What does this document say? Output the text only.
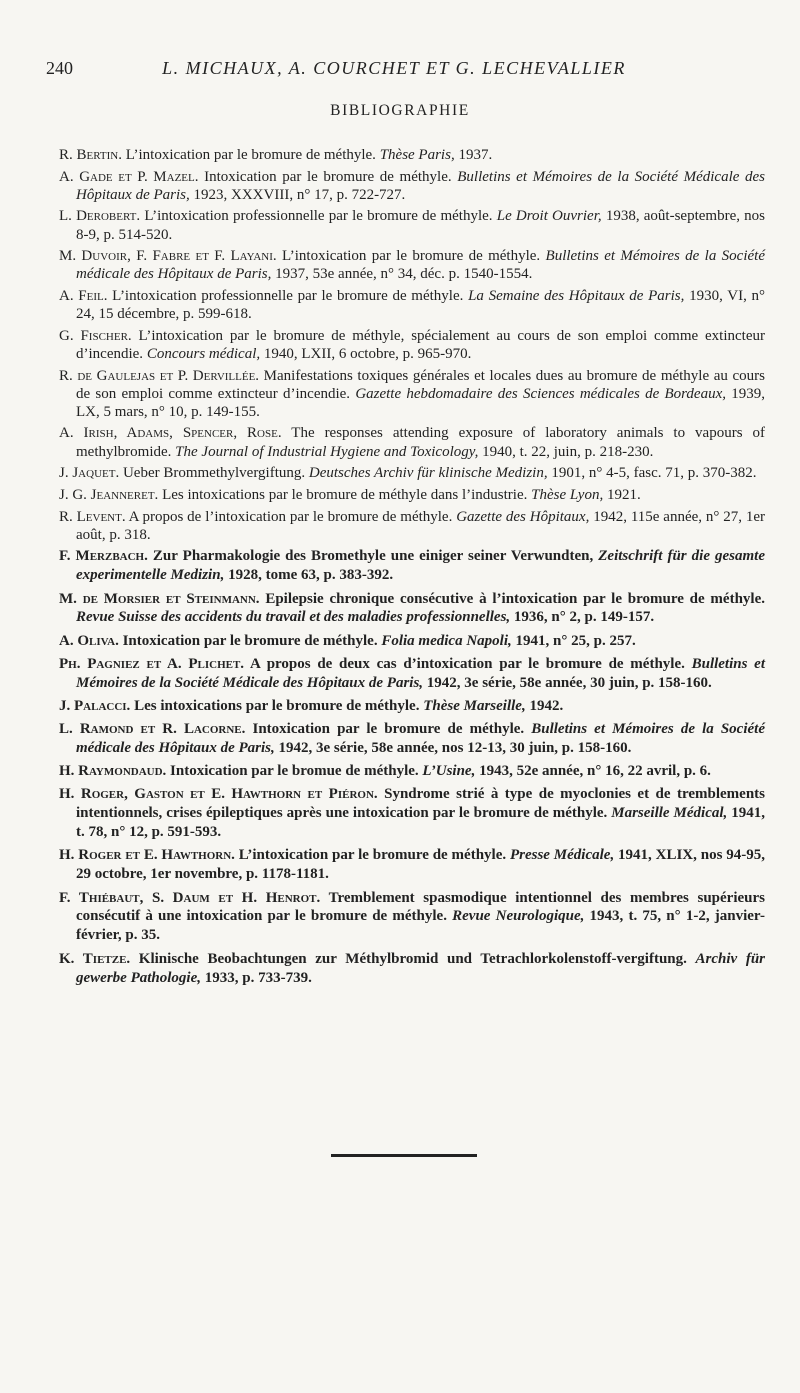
240	L. MICHAUX, A. COURCHET ET G. LECHEVALLIER
BIBLIOGRAPHIE

R. Bertin. L’intoxication par le bromure de méthyle. Thèse Paris, 1937.

A. Gade et P. Mazel. Intoxication par le bromure de méthyle. Bulletins et Mémoires de la Société Médicale des Hôpitaux de Paris, 1923, XXXVIII, n° 17, p. 722-727.

L. Derobert. L’intoxication professionnelle par le bromure de méthyle. Le Droit Ouvrier, 1938, août-septembre, nos 8-9, p. 514-520.

M. Duvoir, F. Fabre et F. Layani. L’intoxication par le bromure de méthyle. Bulletins et Mémoires de la Société médicale des Hôpitaux de Paris, 1937, 53e année, n° 34, déc. p. 1540-1554.

A. Feil. L’intoxication professionnelle par le bromure de méthyle. La Semaine des Hôpitaux de Paris, 1930, VI, n° 24, 15 décembre, p. 599-618.

G. Fischer. L’intoxication par le bromure de méthyle, spécialement au cours de son emploi comme extincteur d’incendie. Concours médical, 1940, LXII, 6 octobre, p. 965-970.

R. de Gaulejas et P. Dervillée. Manifestations toxiques générales et locales dues au bromure de méthyle au cours de son emploi comme extincteur d’incendie. Gazette hebdomadaire des Sciences médicales de Bordeaux, 1939, LX, 5 mars, n° 10, p. 149-155.

A. Irish, Adams, Spencer, Rose. The responses attending exposure of laboratory animals to vapours of methylbromide. The Journal of Industrial Hygiene and Toxicology, 1940, t. 22, juin, p. 218-230.

J. Jaquet. Ueber Brommethylvergiftung. Deutsches Archiv für klinische Medizin, 1901, n° 4-5, fasc. 71, p. 370-382.

J. G. Jeanneret. Les intoxications par le bromure de méthyle dans l’industrie. Thèse Lyon, 1921.

R. Levent. A propos de l’intoxication par le bromure de méthyle. Gazette des Hôpitaux, 1942, 115e année, n° 27, 1er août, p. 318.

F. Merzbach. Zur Pharmakologie des Bromethyle une einiger seiner Verwundten, Zeitschrift für die gesamte experimentelle Medizin, 1928, tome 63, p. 383-392.

M. de Morsier et Steinmann. Epilepsie chronique consécutive à l’intoxication par le bromure de méthyle. Revue Suisse des accidents du travail et des maladies professionnelles, 1936, n° 2, p. 149-157.

A. Oliva. Intoxication par le bromure de méthyle. Folia medica Napoli, 1941, n° 25, p. 257.

Ph. Pagniez et A. Plichet. A propos de deux cas d’intoxication par le bromure de méthyle. Bulletins et Mémoires de la Société Médicale des Hôpitaux de Paris, 1942, 3e série, 58e année, 30 juin, p. 158-160.

J. Palacci. Les intoxications par le bromure de méthyle. Thèse Marseille, 1942.

L. Ramond et R. Lacorne. Intoxication par le bromure de méthyle. Bulletins et Mémoires de la Société médicale des Hôpitaux de Paris, 1942, 3e série, 58e année, nos 12-13, 30 juin, p. 158-160.

H. Raymondaud. Intoxication par le bromue de méthyle. L’Usine, 1943, 52e année, n° 16, 22 avril, p. 6.

H. Roger, Gaston et E. Hawthorn et Piéron. Syndrome strié à type de myoclonies et de tremblements intentionnels, crises épileptiques après une intoxication par le bromure de méthyle. Marseille Médical, 1941, t. 78, n° 12, p. 591-593.

H. Roger et E. Hawthorn. L’intoxication par le bromure de méthyle. Presse Médicale, 1941, XLIX, nos 94-95, 29 octobre, 1er novembre, p. 1178-1181.

F. Thiébaut, S. Daum et H. Henrot. Tremblement spasmodique intentionnel des membres supérieurs consécutif à une intoxication par le bromure de méthyle. Revue Neurologique, 1943, t. 75, n° 1-2, janvier-février, p. 35.

K. Tietze. Klinische Beobachtungen zur Méthylbromid und Tetrachlorkolenstoff-vergiftung. Archiv für gewerbe Pathologie, 1933, p. 733-739.
